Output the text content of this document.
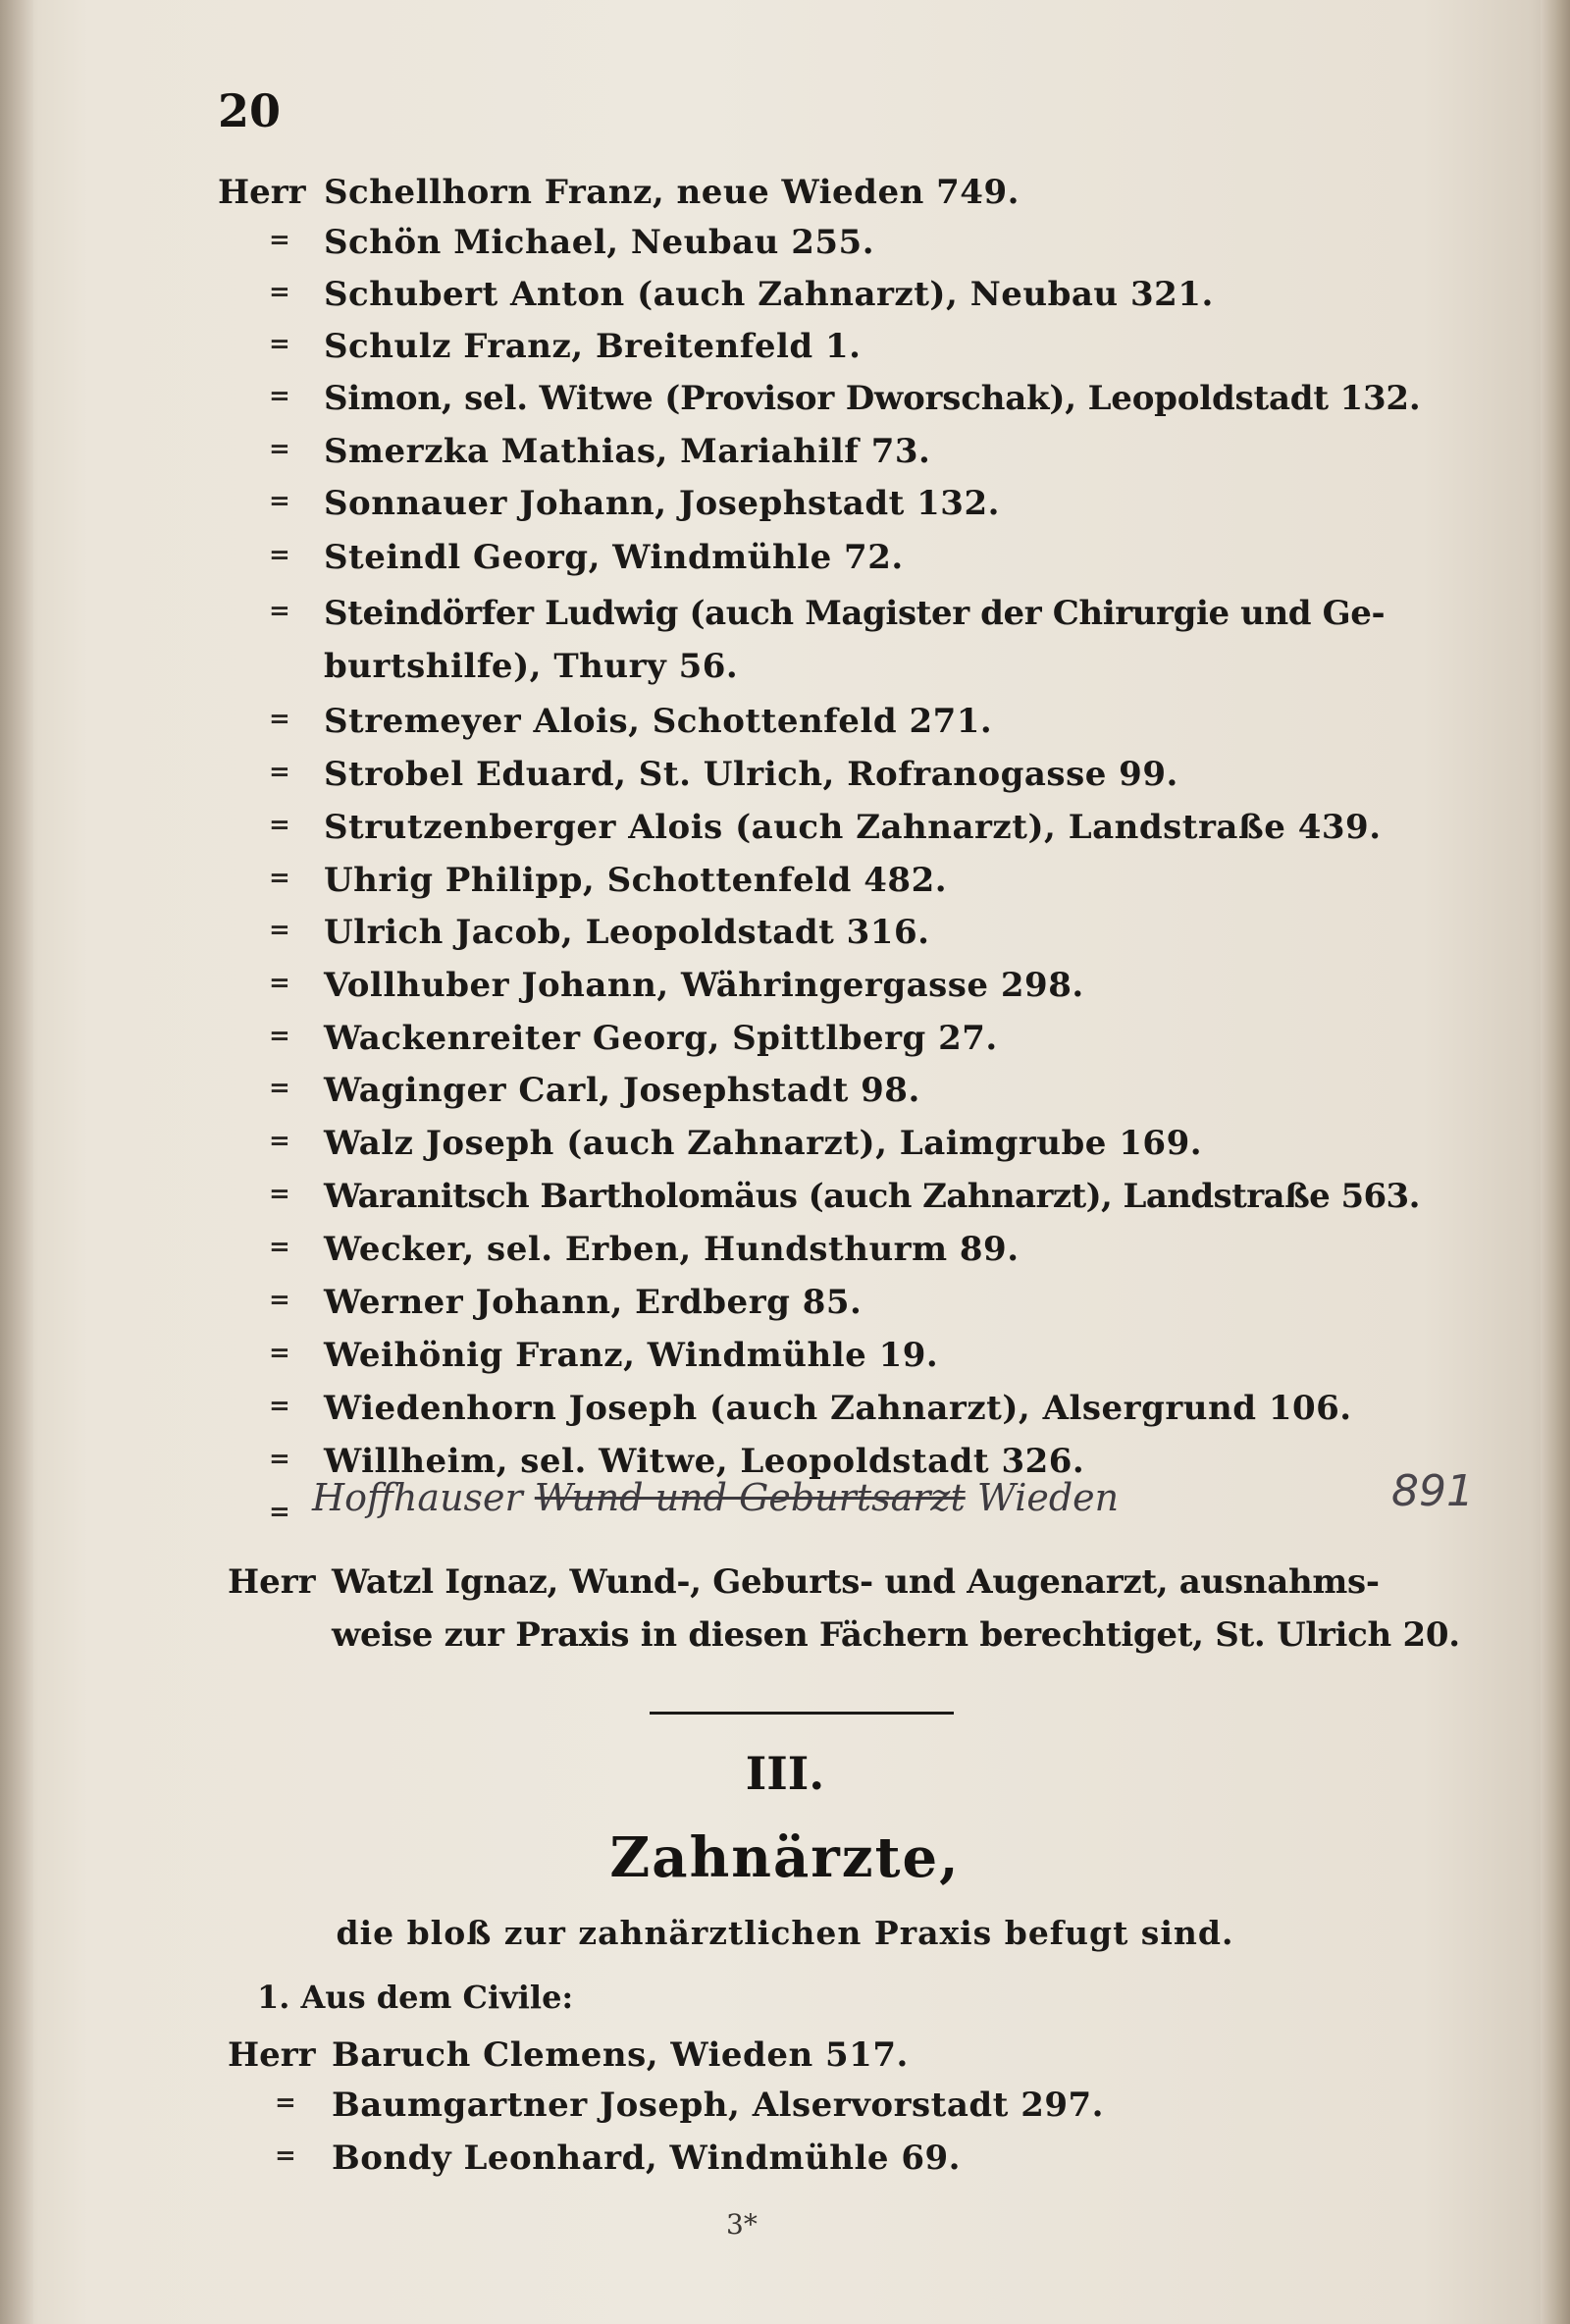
20
Herr Schellhorn Franz, neue Wieden 749.
= Schön Michael, Neubau 255.
= Schubert Anton (auch Zahnarzt), Neubau 321.
= Schulz Franz, Breitenfeld 1.
= Simon, sel. Witwe (Provisor Dworschak), Leopoldstadt 132.
= Smerzka Mathias, Mariahilf 73.
= Sonnauer Johann, Josephstadt 132.
= Steindl Georg, Windmühle 72.
= Steindörfer Ludwig (auch Magister der Chirurgie und Ge-
burtshilfe), Thury 56.
= Stremeyer Alois, Schottenfeld 271.
= Strobel Eduard, St. Ulrich, Rofranogasse 99.
= Strutzenberger Alois (auch Zahnarzt), Landstraße 439.
= Uhrig Philipp, Schottenfeld 482.
= Ulrich Jacob, Leopoldstadt 316.
= Vollhuber Johann, Währingergasse 298.
= Wackenreiter Georg, Spittlberg 27.
= Waginger Carl, Josephstadt 98.
= Walz Joseph (auch Zahnarzt), Laimgrube 169.
= Waranitsch Bartholomäus (auch Zahnarzt), Landstraße 563.
= Wecker, sel. Erben, Hundsthurm 89.
= Werner Johann, Erdberg 85.
= Weihönig Franz, Windmühle 19.
= Wiedenhorn Joseph (auch Zahnarzt), Alsergrund 106.
= Willheim, sel. Witwe, Leopoldstadt 326.
= Hoffhauser Wund und Geburtsarzt Wieden	891
Herr Watzl Ignaz, Wund-, Geburts- und Augenarzt, ausnahms-
weise zur Praxis in diesen Fächern berechtiget, St. Ulrich 20.
III.
Zahnärzte,
die bloß zur zahnärztlichen Praxis befugt sind.
1. Aus dem Civile:
Herr Baruch Clemens, Wieden 517.
= Baumgartner Joseph, Alservorstadt 297.
= Bondy Leonhard, Windmühle 69.
3*
